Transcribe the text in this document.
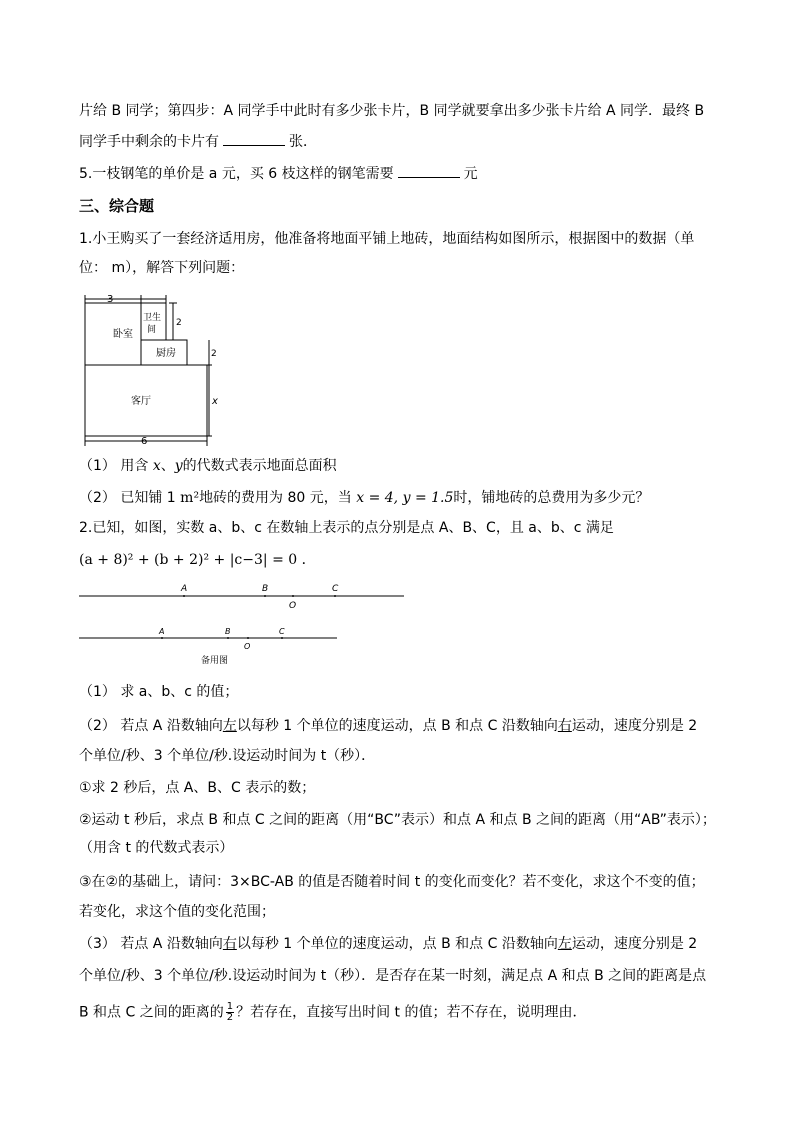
片给 B 同学；第四步：A 同学手中此时有多少张卡片，B 同学就要拿出多少张卡片给 A 同学．最终 B
同学手中剩余的卡片有	张．
5.一枝钢笔的单价是 a 元，买 6 枝这样的钢笔需要	元
三、综合题
1.小王购买了一套经济适用房，他准备将地面平铺上地砖，地面结构如图所示，根据图中的数据（单
位： m），解答下列问题：
3
卧室
卫生
间
2
厨房	2
客厅	x
6
（1） 用含 x、y的代数式表示地面总面积
（2） 已知铺 1 m²地砖的费用为 80 元，当 x = 4, y = 1.5时，铺地砖的总费用为多少元？
2.已知，如图，实数 a、b、c 在数轴上表示的点分别是点 A、B、C，且 a、b、c 满足
(a + 8)² + (b + 2)² + |c−3| = 0 ．
A	B
O
C
A	B
O
C
备用图
（1） 求 a、b、c 的值；
（2） 若点 A 沿数轴向左以每秒 1 个单位的速度运动，点 B 和点 C 沿数轴向右运动，速度分别是 2
个单位/秒、3 个单位/秒.设运动时间为 t（秒）．
①求 2 秒后，点 A、B、C 表示的数；
②运动 t 秒后，求点 B 和点 C 之间的距离（用“BC”表示）和点 A 和点 B 之间的距离（用“AB”表示）；
（用含 t 的代数式表示）
③在②的基础上，请问：3×BC-AB 的值是否随着时间 t 的变化而变化？若不变化，求这个不变的值；
若变化，求这个值的变化范围；
（3） 若点 A 沿数轴向右以每秒 1 个单位的速度运动，点 B 和点 C 沿数轴向左运动，速度分别是 2
个单位/秒、3 个单位/秒.设运动时间为 t（秒）．是否存在某一时刻，满足点 A 和点 B 之间的距离是点
B 和点 C 之间的距离的 $\frac{1}{2}$ ？若存在，直接写出时间 t 的值；若不存在，说明理由．
